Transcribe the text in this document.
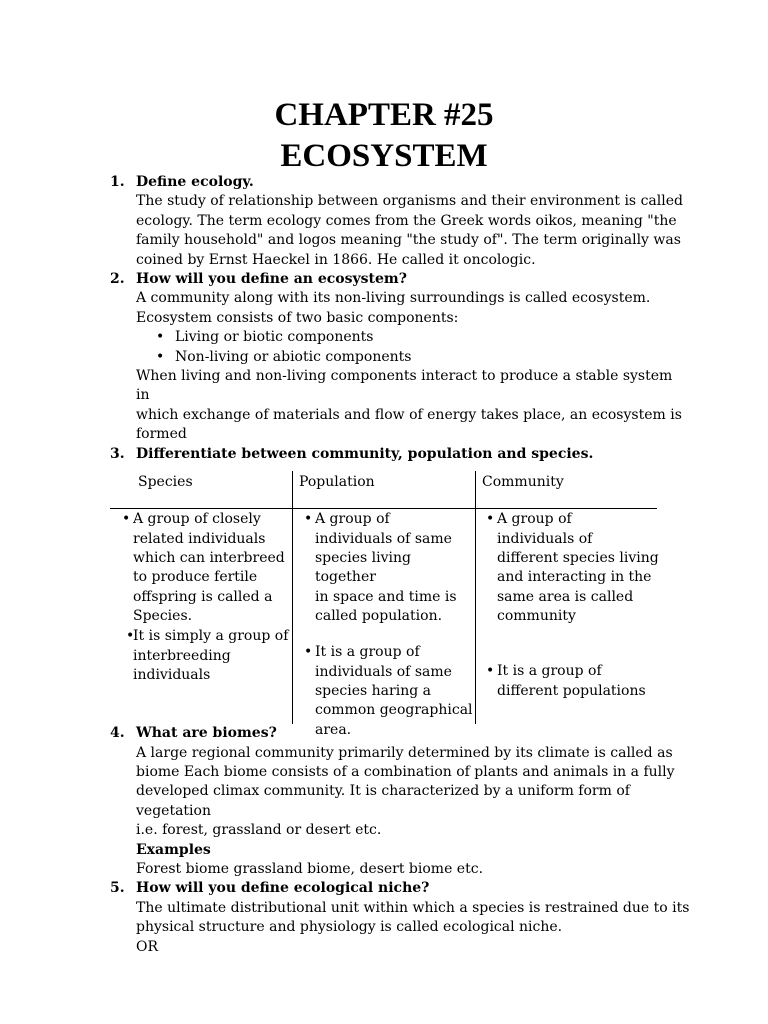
CHAPTER #25
ECOSYSTEM
1. Define ecology.
The study of relationship between organisms and their environment is called
ecology. The term ecology comes from the Greek words oikos, meaning "the
family household" and logos meaning "the study of". The term originally was
coined by Ernst Haeckel in 1866. He called it oncologic.
2. How will you define an ecosystem?
A community along with its non-living surroundings is called ecosystem.
Ecosystem consists of two basic components:
• Living or biotic components
• Non-living or abiotic components
When living and non-living components interact to produce a stable system in
which exchange of materials and flow of energy takes place, an ecosystem is
formed
3. Differentiate between community, population and species.
Species	Population	Community
• A group of closely
related individuals
which can interbreed
to produce fertile
offspring is called a
Species.
• It is simply a group of
interbreeding
individuals
• A group of
individuals of same
species living together
in space and time is
called population.
• It is a group of
individuals of same
species haring a
common geographical
area.
• A group of
individuals of
different species living
and interacting in the
same area is called
community
• It is a group of
different populations
4. What are biomes?
A large regional community primarily determined by its climate is called as
biome Each biome consists of a combination of plants and animals in a fully
developed climax community. It is characterized by a uniform form of vegetation
i.e. forest, grassland or desert etc.
Examples
Forest biome grassland biome, desert biome etc.
5. How will you define ecological niche?
The ultimate distributional unit within which a species is restrained due to its
physical structure and physiology is called ecological niche.
OR
